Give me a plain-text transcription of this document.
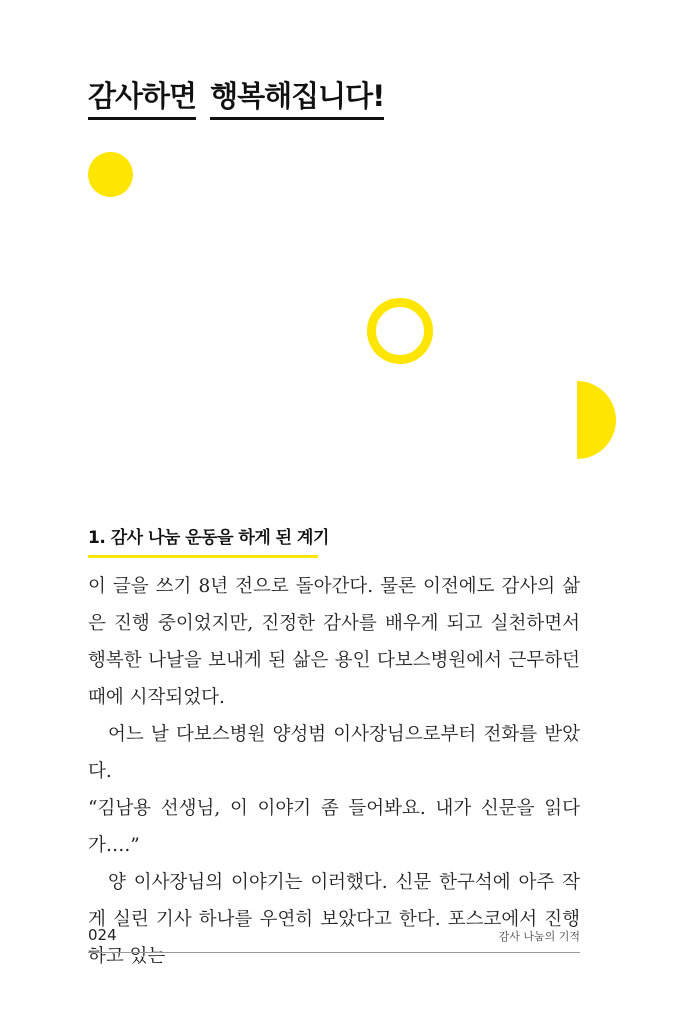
감사하면 행복해집니다!
1. 감사 나눔 운동을 하게 된 계기

이 글을 쓰기 8년 전으로 돌아간다. 물론 이전에도 감사의 삶은 진행 중이었지만, 진정한 감사를 배우게 되고 실천하면서 행복한 나날을 보내게 된 삶은 용인 다보스병원에서 근무하던 때에 시작되었다.

어느 날 다보스병원 양성범 이사장님으로부터 전화를 받았다.

“김남용 선생님, 이 이야기 좀 들어봐요. 내가 신문을 읽다가….”

양 이사장님의 이야기는 이러했다. 신문 한구석에 아주 작게 실린 기사 하나를 우연히 보았다고 한다. 포스코에서 진행하고 있는

024	감사 나눔의 기적
